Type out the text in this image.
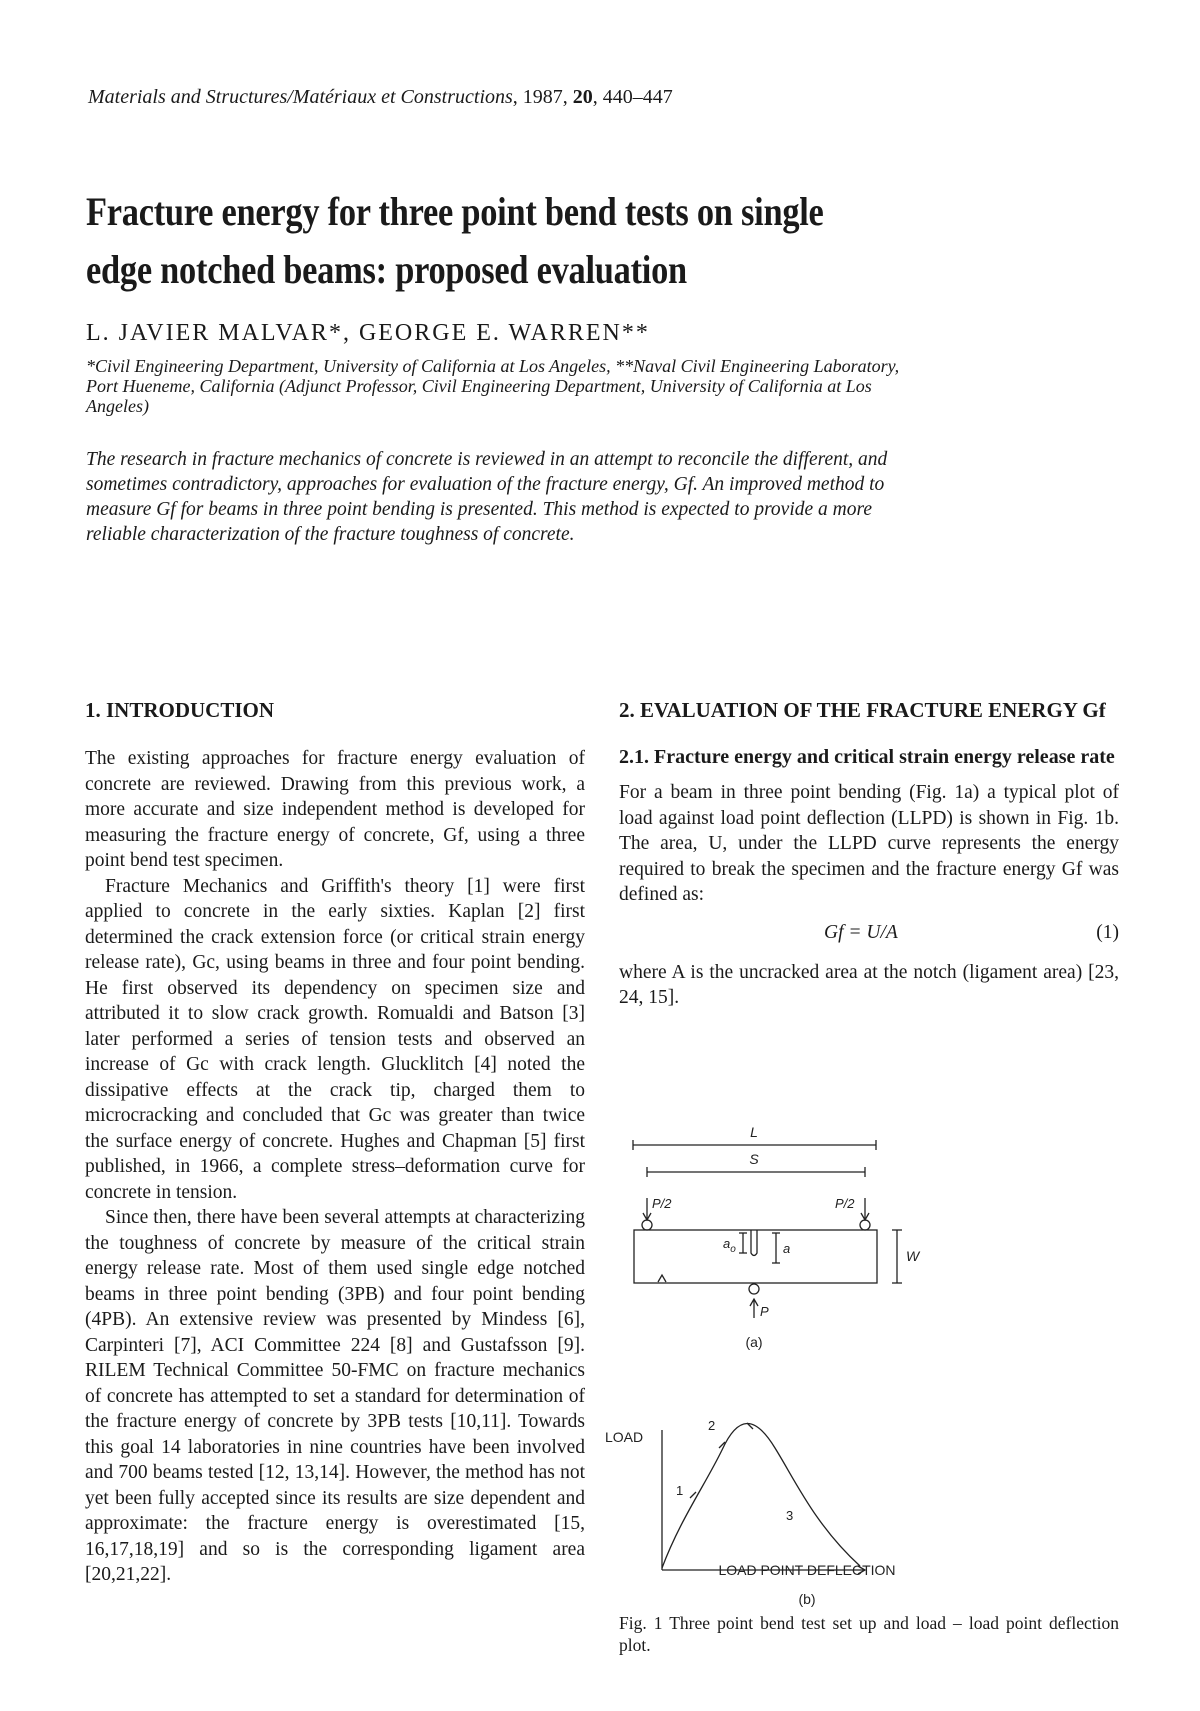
Materials and Structures/Matériaux et Constructions, 1987, 20, 440–447
Fracture energy for three point bend tests on single edge notched beams: proposed evaluation
L. JAVIER MALVAR*, GEORGE E. WARREN**
*Civil Engineering Department, University of California at Los Angeles, **Naval Civil Engineering Laboratory, Port Hueneme, California (Adjunct Professor, Civil Engineering Department, University of California at Los Angeles)
The research in fracture mechanics of concrete is reviewed in an attempt to reconcile the different, and sometimes contradictory, approaches for evaluation of the fracture energy, Gf. An improved method to measure Gf for beams in three point bending is presented. This method is expected to provide a more reliable characterization of the fracture toughness of concrete.
1. INTRODUCTION

The existing approaches for fracture energy evaluation of concrete are reviewed. Drawing from this previous work, a more accurate and size independent method is developed for measuring the fracture energy of concrete, Gf, using a three point bend test specimen.

Fracture Mechanics and Griffith's theory [1] were first applied to concrete in the early sixties. Kaplan [2] first determined the crack extension force (or critical strain energy release rate), Gc, using beams in three and four point bending. He first observed its dependency on specimen size and attributed it to slow crack growth. Romualdi and Batson [3] later performed a series of tension tests and observed an increase of Gc with crack length. Glucklitch [4] noted the dissipative effects at the crack tip, charged them to microcracking and concluded that Gc was greater than twice the surface energy of concrete. Hughes and Chapman [5] first published, in 1966, a complete stress–deformation curve for concrete in tension.

Since then, there have been several attempts at characterizing the toughness of concrete by measure of the critical strain energy release rate. Most of them used single edge notched beams in three point bending (3PB) and four point bending (4PB). An extensive review was presented by Mindess [6], Carpinteri [7], ACI Committee 224 [8] and Gustafsson [9]. RILEM Technical Committee 50-FMC on fracture mechanics of concrete has attempted to set a standard for determination of the fracture energy of concrete by 3PB tests [10,11]. Towards this goal 14 laboratories in nine countries have been involved and 700 beams tested [12, 13,14]. However, the method has not yet been fully accepted since its results are size dependent and approximate: the fracture energy is overestimated [15, 16,17,18,19] and so is the corresponding ligament area [20,21,22].

2. EVALUATION OF THE FRACTURE ENERGY Gf
2.1. Fracture energy and critical strain energy release rate

For a beam in three point bending (Fig. 1a) a typical plot of load against load point deflection (LLPD) is shown in Fig. 1b. The area, U, under the LLPD curve represents the energy required to break the specimen and the fracture energy Gf was defined as:

Gf = U/A	(1)

where A is the uncracked area at the notch (ligament area) [23, 24, 15].

L
S
P/2	P/2
$a_o$	a	W
P
(a)
LOAD
1
2
3
LOAD POINT DEFLECTION
(b)
Fig. 1 Three point bend test set up and load – load point deflection plot.
